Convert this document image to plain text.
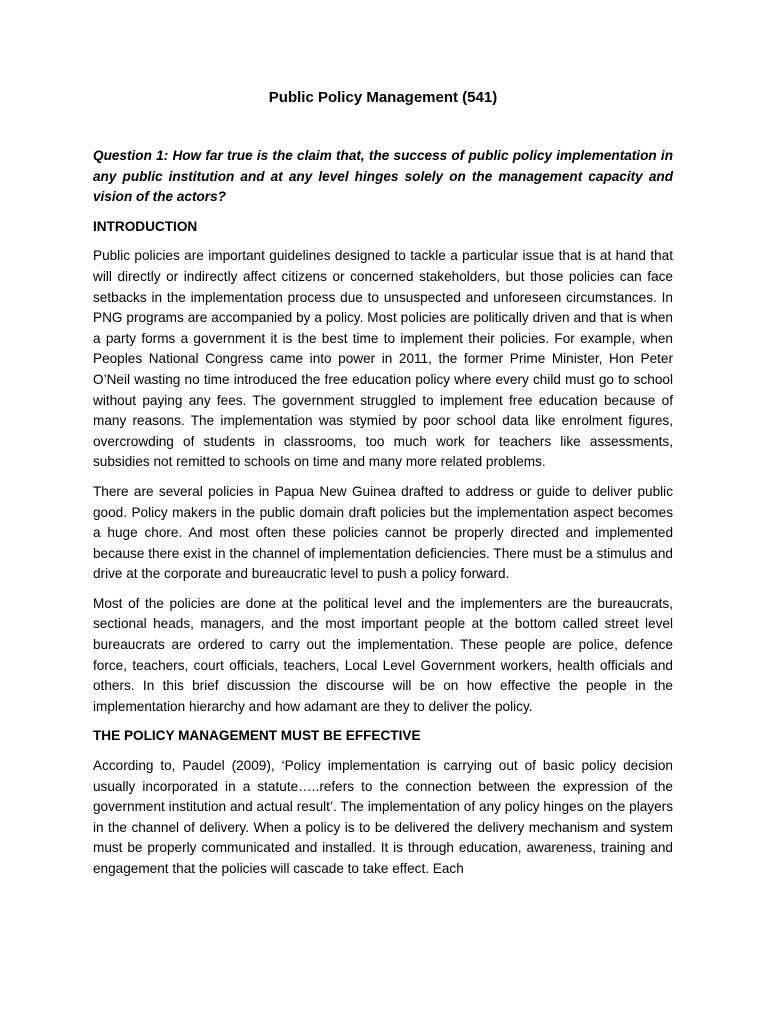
Public Policy Management (541)

Question 1: How far true is the claim that, the success of public policy implementation in any public institution and at any level hinges solely on the management capacity and vision of the actors?

INTRODUCTION

Public policies are important guidelines designed to tackle a particular issue that is at hand that will directly or indirectly affect citizens or concerned stakeholders, but those policies can face setbacks in the implementation process due to unsuspected and unforeseen circumstances. In PNG programs are accompanied by a policy. Most policies are politically driven and that is when a party forms a government it is the best time to implement their policies. For example, when Peoples National Congress came into power in 2011, the former Prime Minister, Hon Peter O’Neil wasting no time introduced the free education policy where every child must go to school without paying any fees. The government struggled to implement free education because of many reasons. The implementation was stymied by poor school data like enrolment figures, overcrowding of students in classrooms, too much work for teachers like assessments, subsidies not remitted to schools on time and many more related problems.

There are several policies in Papua New Guinea drafted to address or guide to deliver public good. Policy makers in the public domain draft policies but the implementation aspect becomes a huge chore. And most often these policies cannot be properly directed and implemented because there exist in the channel of implementation deficiencies. There must be a stimulus and drive at the corporate and bureaucratic level to push a policy forward.

Most of the policies are done at the political level and the implementers are the bureaucrats, sectional heads, managers, and the most important people at the bottom called street level bureaucrats are ordered to carry out the implementation. These people are police, defence force, teachers, court officials, teachers, Local Level Government workers, health officials and others. In this brief discussion the discourse will be on how effective the people in the implementation hierarchy and how adamant are they to deliver the policy.

THE POLICY MANAGEMENT MUST BE EFFECTIVE

According to, Paudel (2009), ‘Policy implementation is carrying out of basic policy decision usually incorporated in a statute…..refers to the connection between the expression of the government institution and actual result’. The implementation of any policy hinges on the players in the channel of delivery. When a policy is to be delivered the delivery mechanism and system must be properly communicated and installed. It is through education, awareness, training and engagement that the policies will cascade to take effect. Each
